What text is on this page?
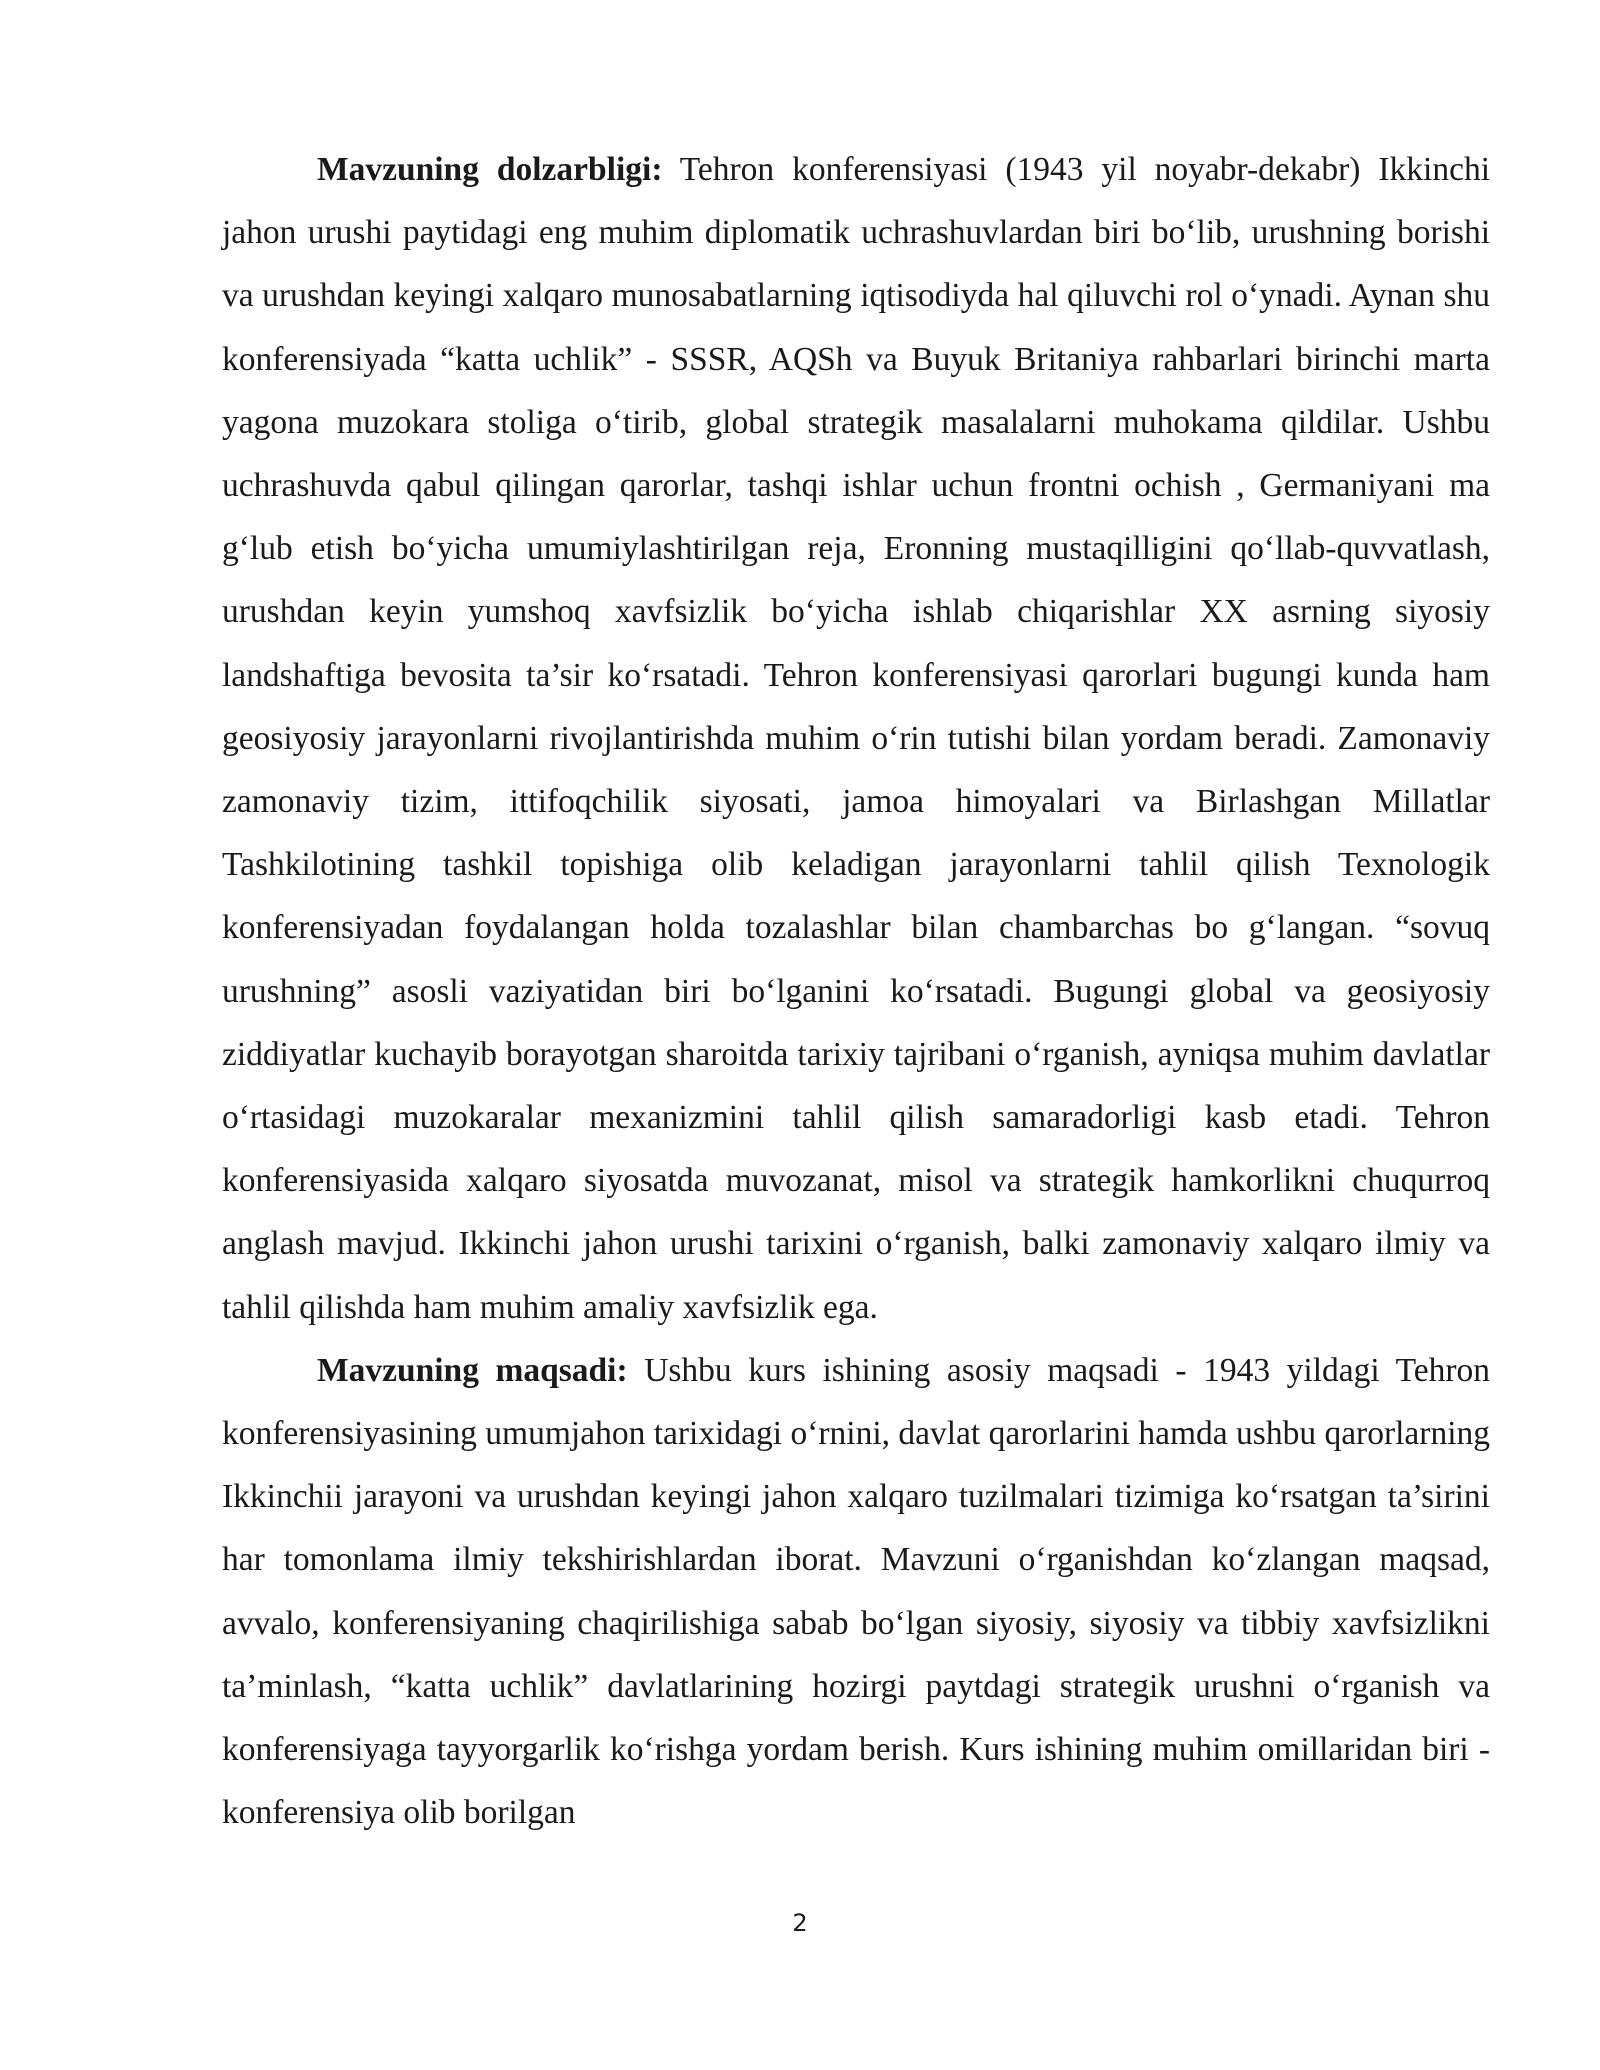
Mavzuning dolzarbligi: Tehron konferensiyasi (1943 yil noyabr-dekabr) Ikkinchi jahon urushi paytidagi eng muhim diplomatik uchrashuvlardan biri bo‘lib, urushning borishi va urushdan keyingi xalqaro munosabatlarning iqtisodiyda hal qiluvchi rol o‘ynadi. Aynan shu konferensiyada “katta uchlik” - SSSR, AQSh va Buyuk Britaniya rahbarlari birinchi marta yagona muzokara stoliga o‘tirib, global strategik masalalarni muhokama qildilar. Ushbu uchrashuvda qabul qilingan qarorlar, tashqi ishlar uchun frontni ochish , Germaniyani ma g‘lub etish bo‘yicha umumiylashtirilgan reja, Eronning mustaqilligini qo‘llab-quvvatlash, urushdan keyin yumshoq xavfsizlik bo‘yicha ishlab chiqarishlar XX asrning siyosiy landshaftiga bevosita ta’sir ko‘rsatadi. Tehron konferensiyasi qarorlari bugungi kunda ham geosiyosiy jarayonlarni rivojlantirishda muhim o‘rin tutishi bilan yordam beradi. Zamonaviy zamonaviy tizim, ittifoqchilik siyosati, jamoa himoyalari va Birlashgan Millatlar Tashkilotining tashkil topishiga olib keladigan jarayonlarni tahlil qilish Texnologik konferensiyadan foydalangan holda tozalashlar bilan chambarchas bo g‘langan. “sovuq urushning” asosli vaziyatidan biri bo‘lganini ko‘rsatadi. Bugungi global va geosiyosiy ziddiyatlar kuchayib borayotgan sharoitda tarixiy tajribani o‘rganish, ayniqsa muhim davlatlar o‘rtasidagi muzokaralar mexanizmini tahlil qilish samaradorligi kasb etadi. Tehron konferensiyasida xalqaro siyosatda muvozanat, misol va strategik hamkorlikni chuqurroq anglash mavjud. Ikkinchi jahon urushi tarixini o‘rganish, balki zamonaviy xalqaro ilmiy va tahlil qilishda ham muhim amaliy xavfsizlik ega.

Mavzuning maqsadi: Ushbu kurs ishining asosiy maqsadi - 1943 yildagi Tehron konferensiyasining umumjahon tarixidagi o‘rnini, davlat qarorlarini hamda ushbu qarorlarning Ikkinchii jarayoni va urushdan keyingi jahon xalqaro tuzilmalari tizimiga ko‘rsatgan ta’sirini har tomonlama ilmiy tekshirishlardan iborat. Mavzuni o‘rganishdan ko‘zlangan maqsad, avvalo, konferensiyaning chaqirilishiga sabab bo‘lgan siyosiy, siyosiy va tibbiy xavfsizlikni ta’minlash, “katta uchlik” davlatlarining hozirgi paytdagi strategik urushni o‘rganish va konferensiyaga tayyorgarlik ko‘rishga yordam berish. Kurs ishining muhim omillaridan biri - konferensiya olib borilgan

2
